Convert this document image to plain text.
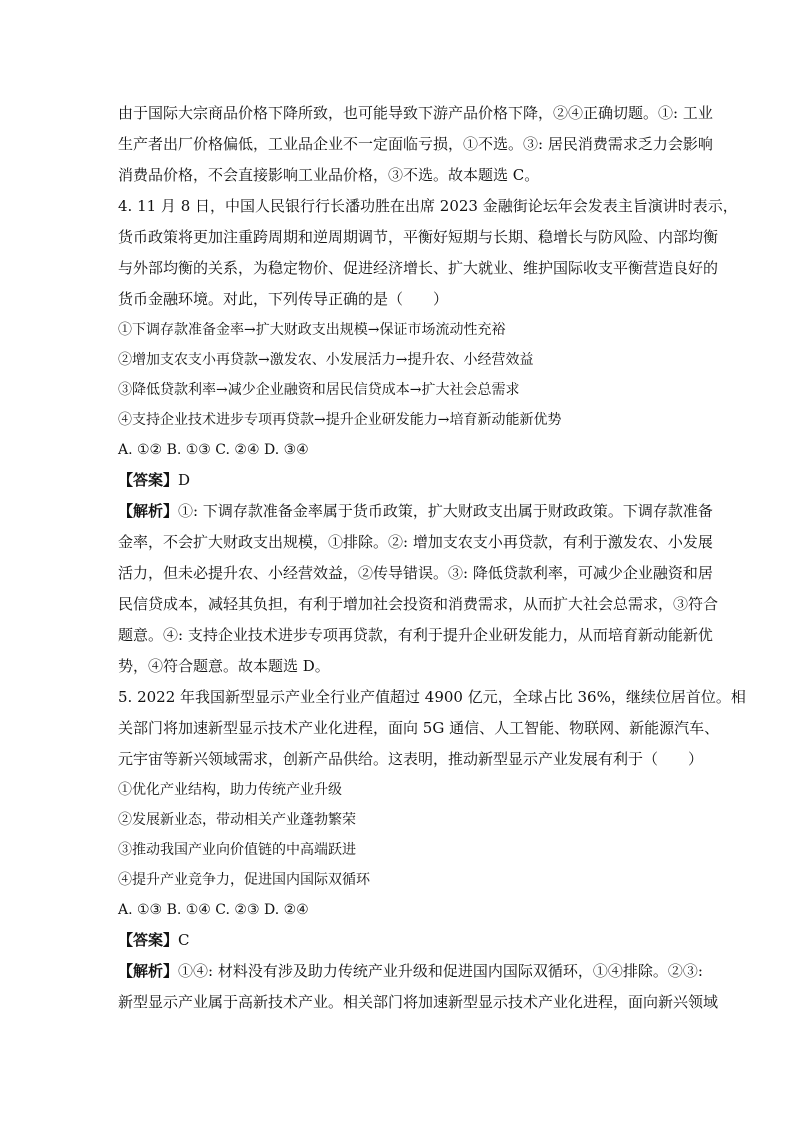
由于国际大宗商品价格下降所致，也可能导致下游产品价格下降，②④正确切题。①: 工业
生产者出厂价格偏低，工业品企业不一定面临亏损，①不选。③: 居民消费需求乏力会影响
消费品价格，不会直接影响工业品价格，③不选。故本题选 C。
4. 11 月 8 日，中国人民银行行长潘功胜在出席 2023 金融街论坛年会发表主旨演讲时表示，
货币政策将更加注重跨周期和逆周期调节，平衡好短期与长期、稳增长与防风险、内部均衡
与外部均衡的关系，为稳定物价、促进经济增长、扩大就业、维护国际收支平衡营造良好的
货币金融环境。对此，下列传导正确的是（　　）
①下调存款准备金率→扩大财政支出规模→保证市场流动性充裕
②增加支农支小再贷款→激发农、小发展活力→提升农、小经营效益
③降低贷款利率→减少企业融资和居民信贷成本→扩大社会总需求
④支持企业技术进步专项再贷款→提升企业研发能力→培育新动能新优势
A. ①② B. ①③ C. ②④ D. ③④
【答案】D
【解析】①: 下调存款准备金率属于货币政策，扩大财政支出属于财政政策。下调存款准备
金率，不会扩大财政支出规模，①排除。②: 增加支农支小再贷款，有利于激发农、小发展
活力，但未必提升农、小经营效益，②传导错误。③: 降低贷款利率，可减少企业融资和居
民信贷成本，减轻其负担，有利于增加社会投资和消费需求，从而扩大社会总需求，③符合
题意。④: 支持企业技术进步专项再贷款，有利于提升企业研发能力，从而培育新动能新优
势，④符合题意。故本题选 D。
5. 2022 年我国新型显示产业全行业产值超过 4900 亿元，全球占比 36%，继续位居首位。相
关部门将加速新型显示技术产业化进程，面向 5G 通信、人工智能、物联网、新能源汽车、
元宇宙等新兴领域需求，创新产品供给。这表明，推动新型显示产业发展有利于（　　）
①优化产业结构，助力传统产业升级
②发展新业态，带动相关产业蓬勃繁荣
③推动我国产业向价值链的中高端跃进
④提升产业竞争力，促进国内国际双循环
A. ①③ B. ①④ C. ②③ D. ②④
【答案】C
【解析】①④: 材料没有涉及助力传统产业升级和促进国内国际双循环，①④排除。②③:
新型显示产业属于高新技术产业。相关部门将加速新型显示技术产业化进程，面向新兴领域
